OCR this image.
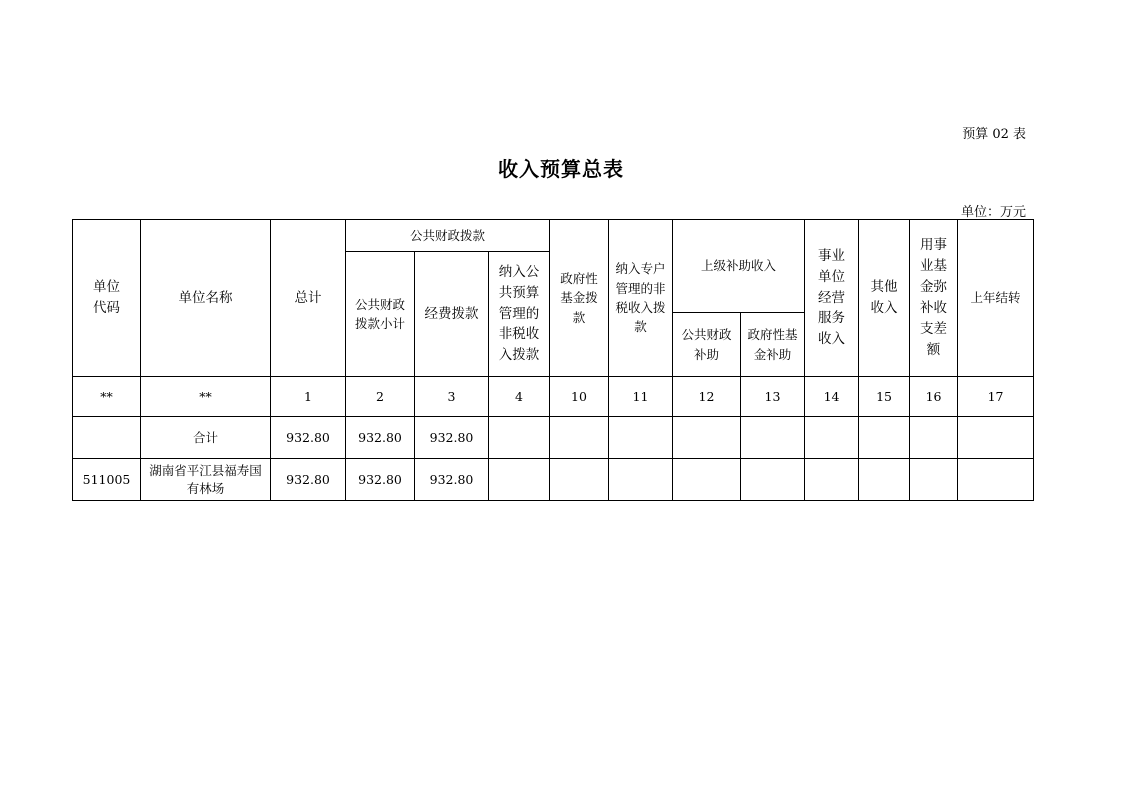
预算 02 表
收入预算总表
单位：万元
单位代码	单位名称	总计	公共财政拨款			政府性基金拨款	纳入专户管理的非税收入拨款	上级补助收入		事业单位经营服务收入	其他收入	用事业基金弥补收支差额	上年结转
			公共财政拨款小计	经费拨款	纳入公共预算管理的非税收入拨款								
								公共财政补助	政府性基金补助				
**	**	1	2	3	4	10	11	12	13	14	15	16	17
	合计	932.80	932.80	932.80									
511005	湖南省平江县福寿国有林场	932.80	932.80	932.80									
